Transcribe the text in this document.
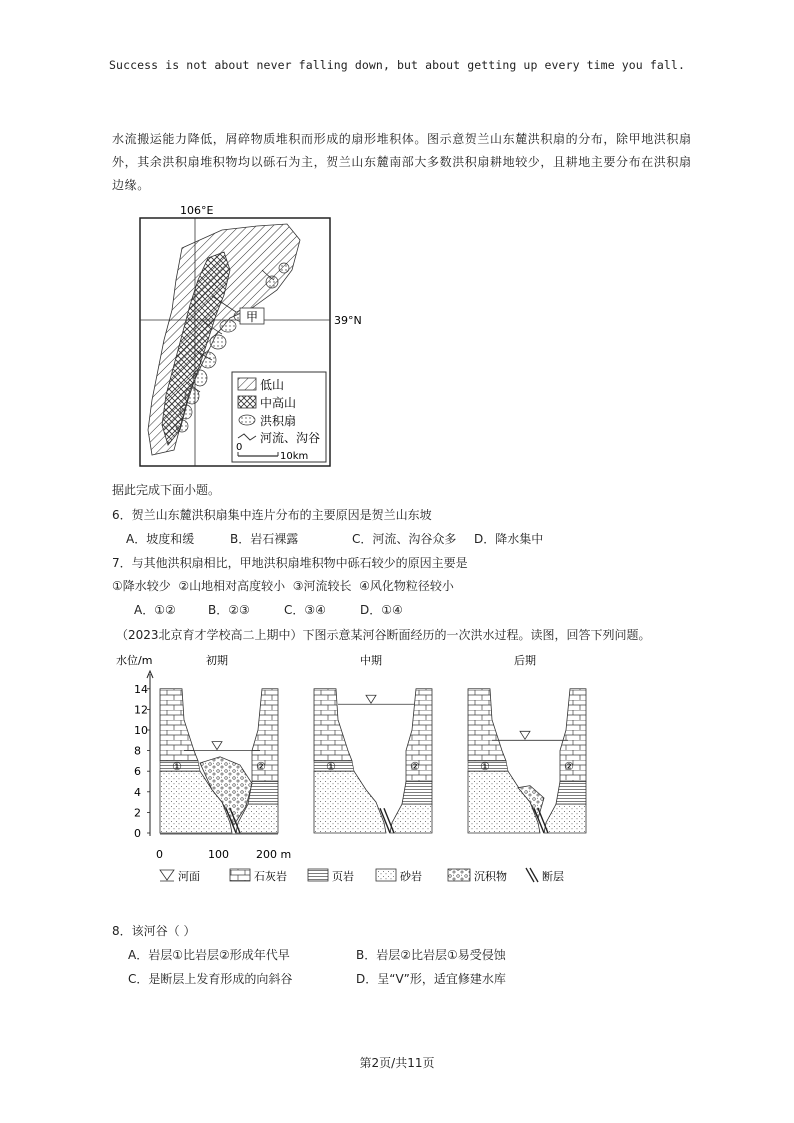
Success is not about never falling down, but about getting up every time you fall.
水流搬运能力降低，屑碎物质堆积而形成的扇形堆积体。图示意贺兰山东麓洪积扇的分布，除甲地洪积扇外，其余洪积扇堆积物均以砾石为主，贺兰山东麓南部大多数洪积扇耕地较少，且耕地主要分布在洪积扇边缘。
106°E
39°N
甲
低山
中高山
洪积扇
河流、沟谷
0
10km
据此完成下面小题。
6．贺兰山东麓洪积扇集中连片分布的主要原因是贺兰山东坡
A．坡度和缓	B．岩石裸露	C．河流、沟谷众多 D．降水集中
7．与其他洪积扇相比，甲地洪积扇堆积物中砾石较少的原因主要是
①降水较少  ②山地相对高度较小  ③河流较长  ④风化物粒径较小
A．①②	B．②③	C．③④	D．①④
（2023北京育才学校高二上期中）下图示意某河谷断面经历的一次洪水过程。读图，回答下列问题。
水位/m
14
12
10
8
6
4
2
0
初期
①	②
中期
①	②
后期
①	②
0	100 200 m
河面	石灰岩	页岩	砂岩	沉积物	断层
8．该河谷（ ）
A．岩层①比岩层②形成年代早	B．岩层②比岩层①易受侵蚀
C．是断层上发育形成的向斜谷	D．呈“V”形，适宜修建水库
第2页/共11页
